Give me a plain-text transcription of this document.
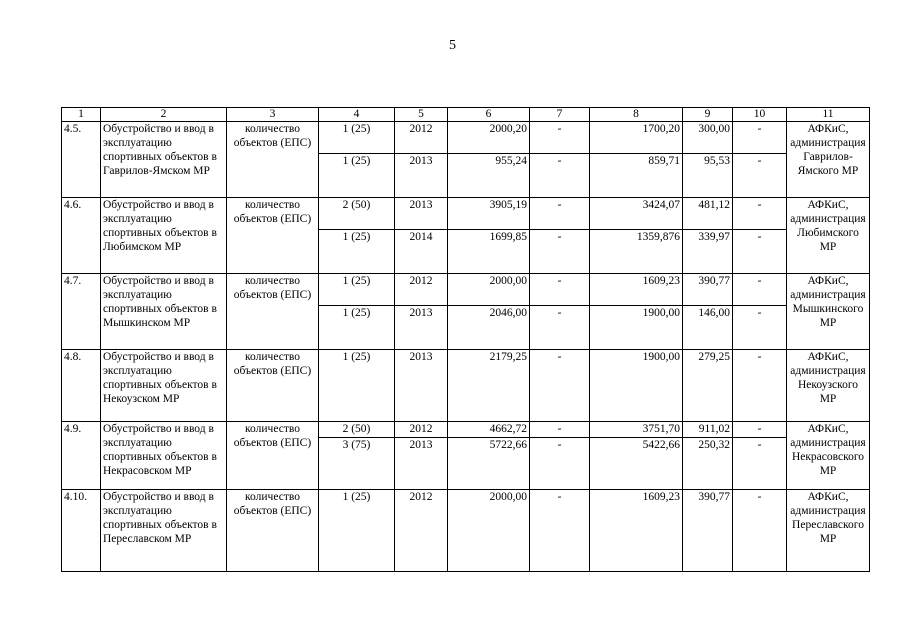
5
1	2	3	4	5	6	7	8	9	10	11
4.5.	Обустройство и ввод в эксплуатацию спортивных объектов в Гаврилов-Ямском МР	количество объектов (ЕПС)	1 (25)	2012	2000,20	-	1700,20	300,00	-	АФКиС, администрация Гаврилов-Ямского МР
			1 (25)	2013	955,24	-	859,71	95,53	-	
4.6.	Обустройство и ввод в эксплуатацию спортивных объектов в Любимском МР	количество объектов (ЕПС)	2 (50)	2013	3905,19	-	3424,07	481,12	-	АФКиС, администрация Любимского МР
			1 (25)	2014	1699,85	-	1359,876	339,97	-	
4.7.	Обустройство и ввод в эксплуатацию спортивных объектов в Мышкинском МР	количество объектов (ЕПС)	1 (25)	2012	2000,00	-	1609,23	390,77	-	АФКиС, администрация Мышкинского МР
			1 (25)	2013	2046,00	-	1900,00	146,00	-	
4.8.	Обустройство и ввод в эксплуатацию спортивных объектов в Некоузском МР	количество объектов (ЕПС)	1 (25)	2013	2179,25	-	1900,00	279,25	-	АФКиС, администрация Некоузского МР
4.9.	Обустройство и ввод в эксплуатацию спортивных объектов в Некрасовском МР	количество объектов (ЕПС)	2 (50)	2012	4662,72	-	3751,70	911,02	-	АФКиС, администрация Некрасовского МР
			3 (75)	2013	5722,66	-	5422,66	250,32	-	
4.10.	Обустройство и ввод в эксплуатацию спортивных объектов в Переславском МР	количество объектов (ЕПС)	1 (25)	2012	2000,00	-	1609,23	390,77	-	АФКиС, администрация Переславского МР
